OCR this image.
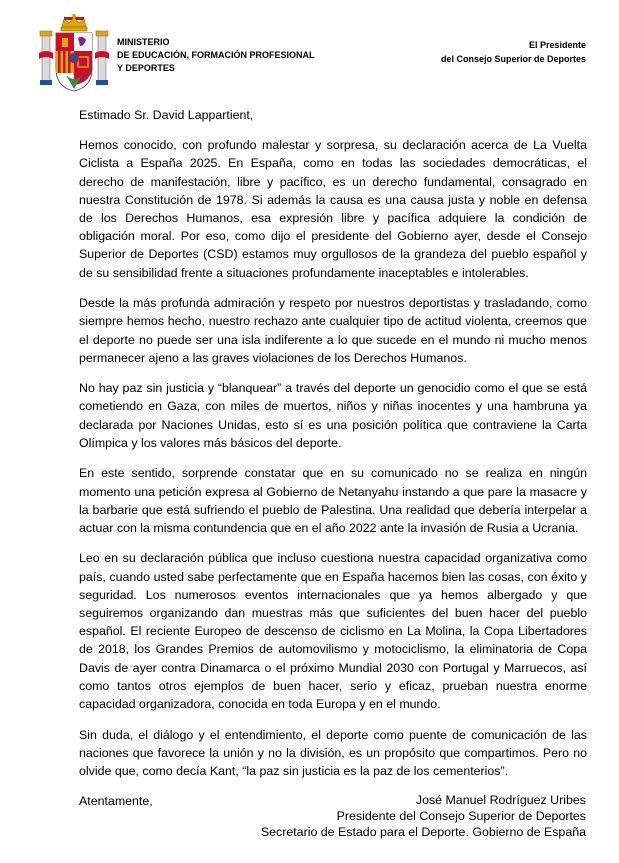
MINISTERIO
DE EDUCACIÓN, FORMACIÓN PROFESIONAL
Y DEPORTES
El Presidente
del Consejo Superior de Deportes

Estimado Sr. David Lappartient,

Hemos conocido, con profundo malestar y sorpresa, su declaración acerca de La Vuelta Ciclista a España 2025. En España, como en todas las sociedades democráticas, el derecho de manifestación, libre y pacífico, es un derecho fundamental, consagrado en nuestra Constitución de 1978. Si además la causa es una causa justa y noble en defensa de los Derechos Humanos, esa expresión libre y pacífica adquiere la condición de obligación moral. Por eso, como dijo el presidente del Gobierno ayer, desde el Consejo Superior de Deportes (CSD) estamos muy orgullosos de la grandeza del pueblo español y de su sensibilidad frente a situaciones profundamente inaceptables e intolerables.

Desde la más profunda admiración y respeto por nuestros deportistas y trasladando, como siempre hemos hecho, nuestro rechazo ante cualquier tipo de actitud violenta, creemos que el deporte no puede ser una isla indiferente a lo que sucede en el mundo ni mucho menos permanecer ajeno a las graves violaciones de los Derechos Humanos.

No hay paz sin justicia y “blanquear” a través del deporte un genocidio como el que se está cometiendo en Gaza, con miles de muertos, niños y niñas inocentes y una hambruna ya declarada por Naciones Unidas, esto sí es una posición política que contraviene la Carta Olímpica y los valores más básicos del deporte.

En este sentido, sorprende constatar que en su comunicado no se realiza en ningún momento una petición expresa al Gobierno de Netanyahu instando a que pare la masacre y la barbarie que está sufriendo el pueblo de Palestina. Una realidad que debería interpelar a actuar con la misma contundencia que en el año 2022 ante la invasión de Rusia a Ucrania.

Leo en su declaración pública que incluso cuestiona nuestra capacidad organizativa como país, cuando usted sabe perfectamente que en España hacemos bien las cosas, con éxito y seguridad. Los numerosos eventos internacionales que ya hemos albergado y que seguiremos organizando dan muestras más que suficientes del buen hacer del pueblo español. El reciente Europeo de descenso de ciclismo en La Molina, la Copa Libertadores de 2018, los Grandes Premios de automovilismo y motociclismo, la eliminatoria de Copa Davis de ayer contra Dinamarca o el próximo Mundial 2030 con Portugal y Marruecos, así como tantos otros ejemplos de buen hacer, serio y eficaz, prueban nuestra enorme capacidad organizadora, conocida en toda Europa y en el mundo.

Sin duda, el diálogo y el entendimiento, el deporte como puente de comunicación de las naciones que favorece la unión y no la división, es un propósito que compartimos. Pero no olvide que, como decía Kant, “la paz sin justicia es la paz de los cementerios”.

Atentamente,	José Manuel Rodríguez Uribes
Presidente del Consejo Superior de Deportes
Secretario de Estado para el Deporte. Gobierno de España
